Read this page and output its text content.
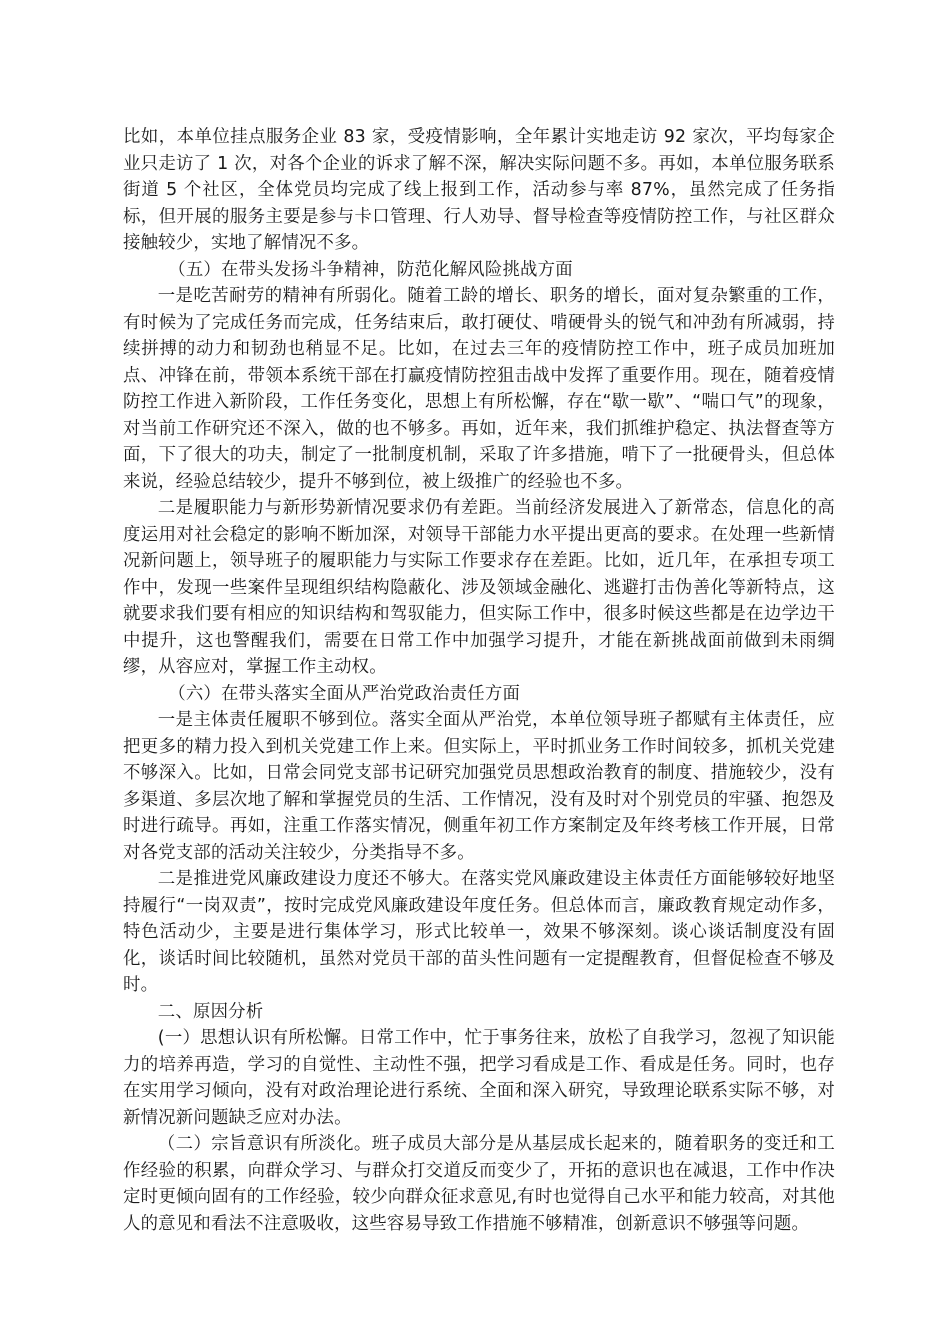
比如，本单位挂点服务企业 83 家，受疫情影响，全年累计实地走访 92 家次，平均每家企业只走访了 1 次，对各个企业的诉求了解不深，解决实际问题不多。再如，本单位服务联系街道 5 个社区，全体党员均完成了线上报到工作，活动参与率 87%，虽然完成了任务指标，但开展的服务主要是参与卡口管理、行人劝导、督导检查等疫情防控工作，与社区群众接触较少，实地了解情况不多。

（五）在带头发扬斗争精神，防范化解风险挑战方面

一是吃苦耐劳的精神有所弱化。随着工龄的增长、职务的增长，面对复杂繁重的工作，有时候为了完成任务而完成，任务结束后，敢打硬仗、啃硬骨头的锐气和冲劲有所减弱，持续拼搏的动力和韧劲也稍显不足。比如，在过去三年的疫情防控工作中，班子成员加班加点、冲锋在前，带领本系统干部在打赢疫情防控狙击战中发挥了重要作用。现在，随着疫情防控工作进入新阶段，工作任务变化，思想上有所松懈，存在“歇一歇”、“喘口气”的现象，对当前工作研究还不深入，做的也不够多。再如，近年来，我们抓维护稳定、执法督查等方面，下了很大的功夫，制定了一批制度机制，采取了许多措施，啃下了一批硬骨头，但总体来说，经验总结较少，提升不够到位，被上级推广的经验也不多。

二是履职能力与新形势新情况要求仍有差距。当前经济发展进入了新常态，信息化的高度运用对社会稳定的影响不断加深，对领导干部能力水平提出更高的要求。在处理一些新情况新问题上，领导班子的履职能力与实际工作要求存在差距。比如，近几年，在承担专项工作中，发现一些案件呈现组织结构隐蔽化、涉及领域金融化、逃避打击伪善化等新特点，这就要求我们要有相应的知识结构和驾驭能力，但实际工作中，很多时候这些都是在边学边干中提升，这也警醒我们，需要在日常工作中加强学习提升，才能在新挑战面前做到未雨绸缪，从容应对，掌握工作主动权。

（六）在带头落实全面从严治党政治责任方面

一是主体责任履职不够到位。落实全面从严治党，本单位领导班子都赋有主体责任，应把更多的精力投入到机关党建工作上来。但实际上，平时抓业务工作时间较多，抓机关党建不够深入。比如，日常会同党支部书记研究加强党员思想政治教育的制度、措施较少，没有多渠道、多层次地了解和掌握党员的生活、工作情况，没有及时对个别党员的牢骚、抱怨及时进行疏导。再如，注重工作落实情况，侧重年初工作方案制定及年终考核工作开展，日常对各党支部的活动关注较少，分类指导不多。

二是推进党风廉政建设力度还不够大。在落实党风廉政建设主体责任方面能够较好地坚持履行“一岗双责”，按时完成党风廉政建设年度任务。但总体而言，廉政教育规定动作多，特色活动少，主要是进行集体学习，形式比较单一，效果不够深刻。谈心谈话制度没有固化，谈话时间比较随机，虽然对党员干部的苗头性问题有一定提醒教育，但督促检查不够及时。

二、原因分析

(一）思想认识有所松懈。日常工作中，忙于事务往来，放松了自我学习，忽视了知识能力的培养再造，学习的自觉性、主动性不强，把学习看成是工作、看成是任务。同时，也存在实用学习倾向，没有对政治理论进行系统、全面和深入研究，导致理论联系实际不够，对新情况新问题缺乏应对办法。

（二）宗旨意识有所淡化。班子成员大部分是从基层成长起来的，随着职务的变迁和工作经验的积累，向群众学习、与群众打交道反而变少了，开拓的意识也在减退，工作中作决定时更倾向固有的工作经验，较少向群众征求意见,有时也觉得自己水平和能力较高，对其他人的意见和看法不注意吸收，这些容易导致工作措施不够精准，创新意识不够强等问题。
